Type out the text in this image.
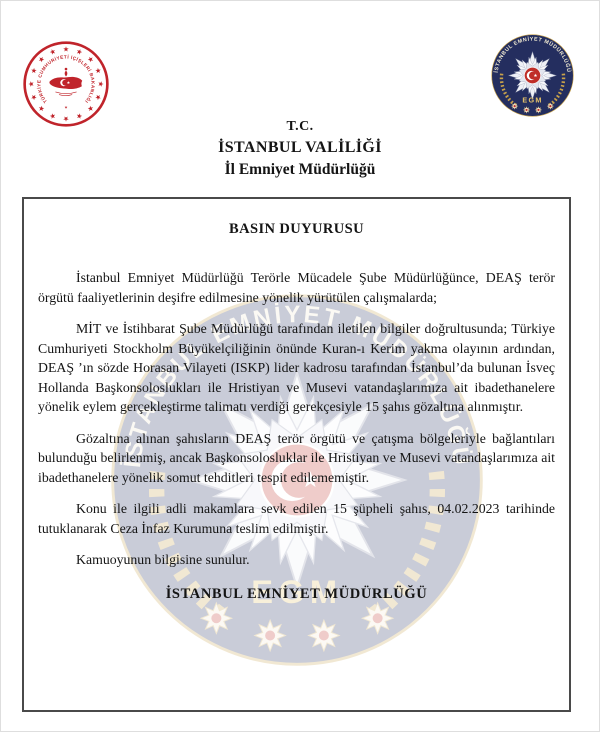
T.C.
İSTANBUL VALİLİĞİ
İl Emniyet Müdürlüğü
BASIN DUYURUSU

İstanbul Emniyet Müdürlüğü Terörle Mücadele Şube Müdürlüğünce, DEAŞ terör örgütü faaliyetlerinin deşifre edilmesine yönelik yürütülen çalışmalarda;

MİT ve İstihbarat Şube Müdürlüğü tarafından iletilen bilgiler doğrultusunda; Türkiye Cumhuriyeti Stockholm Büyükelçiliğinin önünde Kuran-ı Kerim yakma olayının ardından, DEAŞ ’ın sözde Horasan Vilayeti (ISKP) lider kadrosu tarafından İstanbul’da bulunan İsveç Hollanda Başkonsoloslukları ile Hristiyan ve Musevi vatandaşlarımıza ait ibadethanelere yönelik eylem gerçekleştirme talimatı verdiği gerekçesiyle 15 şahıs gözaltına alınmıştır.

Gözaltına alınan şahısların DEAŞ terör örgütü ve çatışma bölgeleriyle bağlantıları bulunduğu belirlenmiş, ancak Başkonsolosluklar ile Hristiyan ve Musevi vatandaşlarımıza ait ibadethanelere yönelik somut tehditleri tespit edilememiştir.

Konu ile ilgili adli makamlara sevk edilen 15 şüpheli şahıs, 04.02.2023 tarihinde tutuklanarak Ceza İnfaz Kurumuna teslim edilmiştir.

Kamuoyunun bilgisine sunulur.

İSTANBUL EMNİYET MÜDÜRLÜĞÜ
